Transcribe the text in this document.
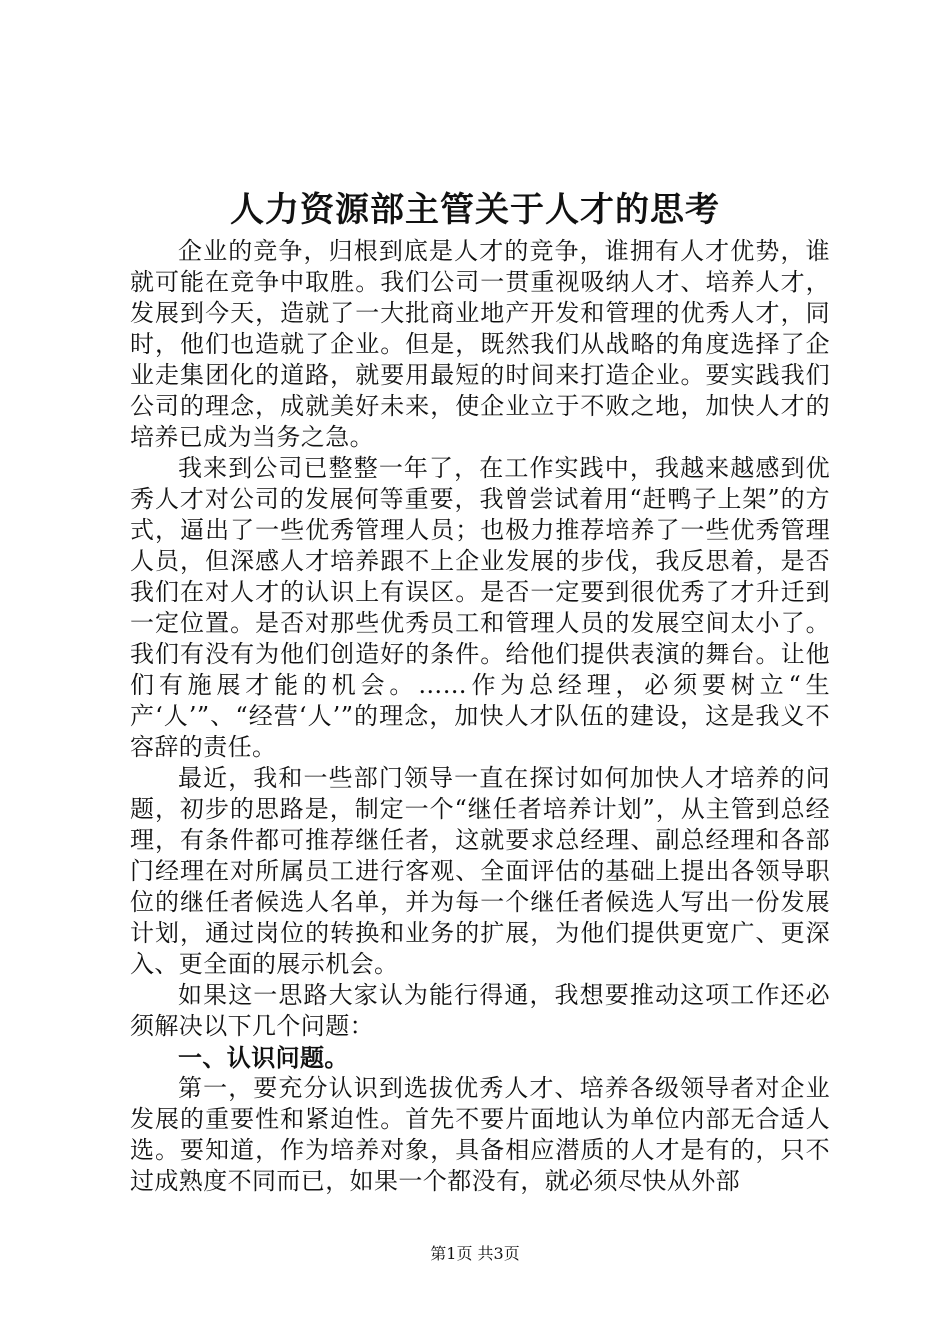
人力资源部主管关于人才的思考

企业的竞争，归根到底是人才的竞争，谁拥有人才优势，谁就可能在竞争中取胜。我们公司一贯重视吸纳人才、培养人才，发展到今天，造就了一大批商业地产开发和管理的优秀人才，同时，他们也造就了企业。但是，既然我们从战略的角度选择了企业走集团化的道路，就要用最短的时间来打造企业。要实践我们公司的理念，成就美好未来，使企业立于不败之地，加快人才的培养已成为当务之急。

我来到公司已整整一年了，在工作实践中，我越来越感到优秀人才对公司的发展何等重要，我曾尝试着用“赶鸭子上架”的方式，逼出了一些优秀管理人员；也极力推荐培养了一些优秀管理人员，但深感人才培养跟不上企业发展的步伐，我反思着，是否我们在对人才的认识上有误区。是否一定要到很优秀了才升迁到一定位置。是否对那些优秀员工和管理人员的发展空间太小了。我们有没有为他们创造好的条件。给他们提供表演的舞台。让他们有施展才能的机会。……作为总经理，必须要树立“生产‘人’”、“经营‘人’”的理念，加快人才队伍的建设，这是我义不容辞的责任。

最近，我和一些部门领导一直在探讨如何加快人才培养的问题，初步的思路是，制定一个“继任者培养计划”，从主管到总经理，有条件都可推荐继任者，这就要求总经理、副总经理和各部门经理在对所属员工进行客观、全面评估的基础上提出各领导职位的继任者候选人名单，并为每一个继任者候选人写出一份发展计划，通过岗位的转换和业务的扩展，为他们提供更宽广、更深入、更全面的展示机会。

如果这一思路大家认为能行得通，我想要推动这项工作还必须解决以下几个问题：

一、认识问题。

第一，要充分认识到选拔优秀人才、培养各级领导者对企业发展的重要性和紧迫性。首先不要片面地认为单位内部无合适人选。要知道，作为培养对象，具备相应潜质的人才是有的，只不过成熟度不同而已，如果一个都没有，就必须尽快从外部

第1页 共3页
